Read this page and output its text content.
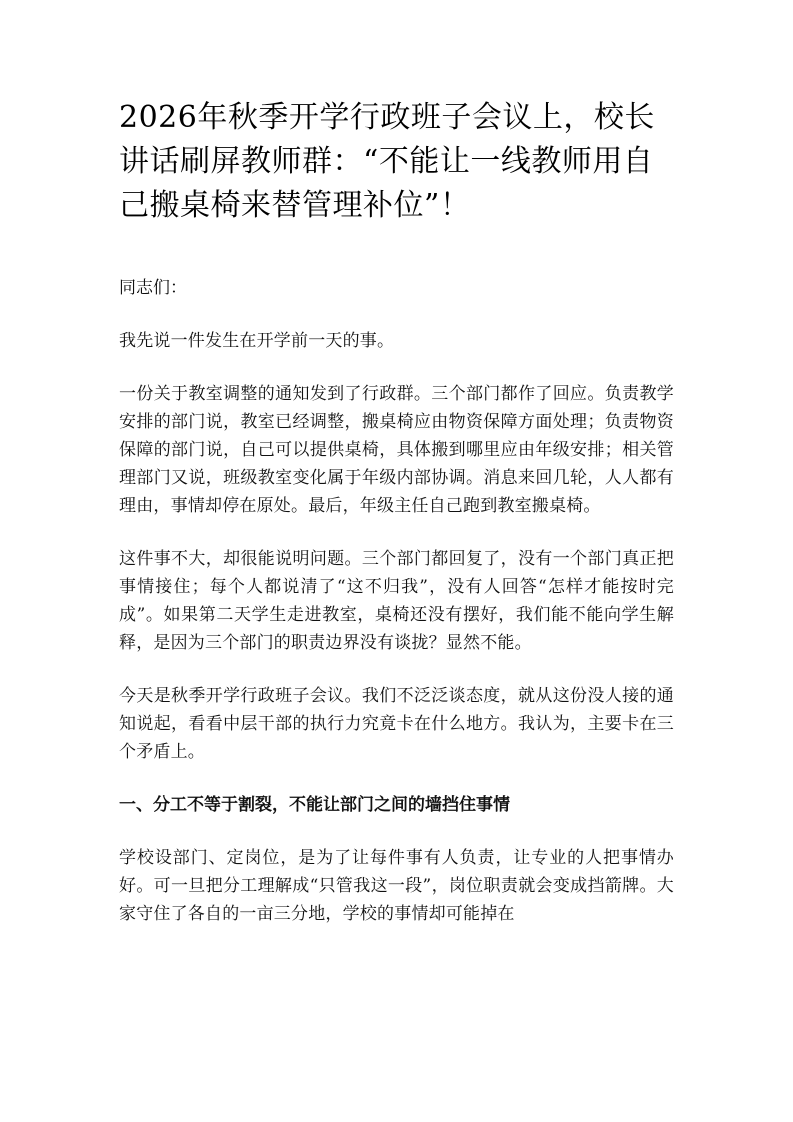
2026年秋季开学行政班子会议上，校长讲话刷屏教师群：“不能让一线教师用自己搬桌椅来替管理补位”！

同志们：

我先说一件发生在开学前一天的事。

一份关于教室调整的通知发到了行政群。三个部门都作了回应。负责教学安排的部门说，教室已经调整，搬桌椅应由物资保障方面处理；负责物资保障的部门说，自己可以提供桌椅，具体搬到哪里应由年级安排；相关管理部门又说，班级教室变化属于年级内部协调。消息来回几轮，人人都有理由，事情却停在原处。最后，年级主任自己跑到教室搬桌椅。

这件事不大，却很能说明问题。三个部门都回复了，没有一个部门真正把事情接住；每个人都说清了“这不归我”，没有人回答“怎样才能按时完成”。如果第二天学生走进教室，桌椅还没有摆好，我们能不能向学生解释，是因为三个部门的职责边界没有谈拢？显然不能。

今天是秋季开学行政班子会议。我们不泛泛谈态度，就从这份没人接的通知说起，看看中层干部的执行力究竟卡在什么地方。我认为，主要卡在三个矛盾上。

一、分工不等于割裂，不能让部门之间的墙挡住事情

学校设部门、定岗位，是为了让每件事有人负责，让专业的人把事情办好。可一旦把分工理解成“只管我这一段”，岗位职责就会变成挡箭牌。大家守住了各自的一亩三分地，学校的事情却可能掉在
